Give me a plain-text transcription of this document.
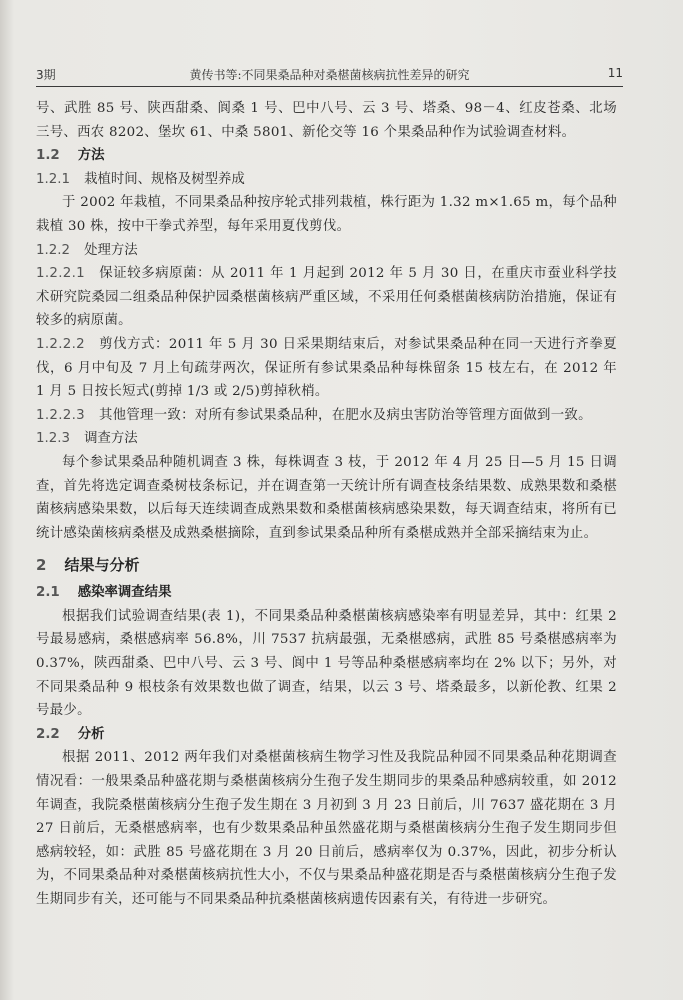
3期	黄传书等:不同果桑品种对桑椹菌核病抗性差异的研究	11

号、武胜 85 号、陕西甜桑、阆桑 1 号、巴中八号、云 3 号、塔桑、98－4、红皮苍桑、北场三号、西农 8202、堡坎 61、中桑 5801、新伦交等 16 个果桑品种作为试验调查材料。

1.2 方法
1.2.1 栽植时间、规格及树型养成

于 2002 年栽植，不同果桑品种按序轮式排列栽植，株行距为 1.32 m×1.65 m，每个品种栽植 30 株，按中干拳式养型，每年采用夏伐剪伐。

1.2.2 处理方法

1.2.2.1 保证较多病原菌：从 2011 年 1 月起到 2012 年 5 月 30 日，在重庆市蚕业科学技术研究院桑园二组桑品种保护园桑椹菌核病严重区域，不采用任何桑椹菌核病防治措施，保证有较多的病原菌。

1.2.2.2 剪伐方式：2011 年 5 月 30 日采果期结束后，对参试果桑品种在同一天进行齐拳夏伐，6 月中旬及 7 月上旬疏芽两次，保证所有参试果桑品种每株留条 15 枝左右，在 2012 年 1 月 5 日按长短式(剪掉 1/3 或 2/5)剪掉秋梢。

1.2.2.3 其他管理一致：对所有参试果桑品种，在肥水及病虫害防治等管理方面做到一致。

1.2.3 调查方法

每个参试果桑品种随机调查 3 株，每株调查 3 枝，于 2012 年 4 月 25 日—5 月 15 日调查，首先将选定调查桑树枝条标记，并在调查第一天统计所有调查枝条结果数、成熟果数和桑椹菌核病感染果数，以后每天连续调查成熟果数和桑椹菌核病感染果数，每天调查结束，将所有已统计感染菌核病桑椹及成熟桑椹摘除，直到参试果桑品种所有桑椹成熟并全部采摘结束为止。

2 结果与分析
2.1 感染率调查结果

根据我们试验调查结果(表 1)，不同果桑品种桑椹菌核病感染率有明显差异，其中：红果 2 号最易感病，桑椹感病率 56.8%，川 7537 抗病最强，无桑椹感病，武胜 85 号桑椹感病率为 0.37%，陕西甜桑、巴中八号、云 3 号、阆中 1 号等品种桑椹感病率均在 2% 以下；另外，对不同果桑品种 9 根枝条有效果数也做了调查，结果，以云 3 号、塔桑最多，以新伦教、红果 2 号最少。

2.2 分析

根据 2011、2012 两年我们对桑椹菌核病生物学习性及我院品种园不同果桑品种花期调查情况看：一般果桑品种盛花期与桑椹菌核病分生孢子发生期同步的果桑品种感病较重，如 2012 年调查，我院桑椹菌核病分生孢子发生期在 3 月初到 3 月 23 日前后，川 7637 盛花期在 3 月 27 日前后，无桑椹感病率，也有少数果桑品种虽然盛花期与桑椹菌核病分生孢子发生期同步但感病较轻，如：武胜 85 号盛花期在 3 月 20 日前后，感病率仅为 0.37%，因此，初步分析认为，不同果桑品种对桑椹菌核病抗性大小，不仅与果桑品种盛花期是否与桑椹菌核病分生孢子发生期同步有关，还可能与不同果桑品种抗桑椹菌核病遗传因素有关，有待进一步研究。
